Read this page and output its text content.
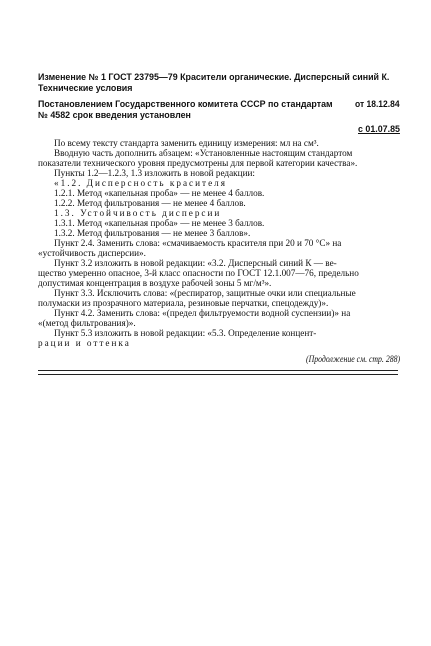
Изменение № 1 ГОСТ 23795—79 Красители органические. Дисперсный синий К.
Технические условия
Постановлением Государственного комитета СССР по стандартам	от 18.12.84
№ 4582 срок введения установлен
с 01.07.85
По всему тексту стандарта заменить единицу измерения: мл на см³.
Вводную часть дополнить абзацем: «Установленные настоящим стандартом
показатели технического уровня предусмотрены для первой категории качества».
Пункты 1.2—1.2.3, 1.3 изложить в новой редакции:
«1.2. Дисперсность красителя
1.2.1. Метод «капельная проба» — не менее 4 баллов.
1.2.2. Метод фильтрования — не менее 4 баллов.
1.3. Устойчивость дисперсии
1.3.1. Метод «капельная проба» — не менее 3 баллов.
1.3.2. Метод фильтрования — не менее 3 баллов».
Пункт 2.4. Заменить слова: «смачиваемость красителя при 20 и 70 °С» на
«устойчивость дисперсии».
Пункт 3.2 изложить в новой редакции: «3.2. Дисперсный синий К — ве-
щество умеренно опасное, 3-й класс опасности по ГОСТ 12.1.007—76, предельно
допустимая концентрация в воздухе рабочей зоны 5 мг/м³».
Пункт 3.3. Исключить слова: «(респиратор, защитные очки или специальные
полумаски из прозрачного материала, резиновые перчатки, спецодежду)».
Пункт 4.2. Заменить слова: «(предел фильтруемости водной суспензии)» на
«(метод фильтрования)».
Пункт 5.3 изложить в новой редакции: «5.3. Определение концент-
рации и оттенка
(Продолжение см. стр. 288)
